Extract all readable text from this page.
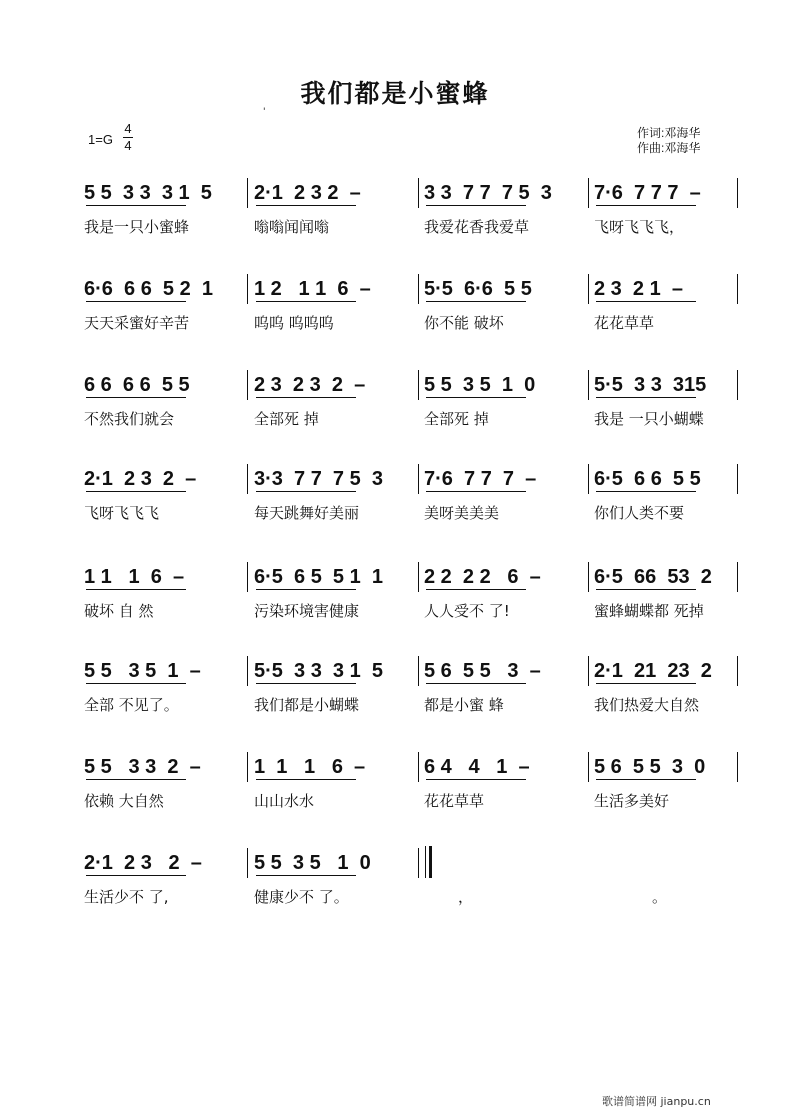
我们都是小蜜蜂
'
1=G
4
4
作词:邓海华
作曲:邓海华
5 5  3 3  3 1  5
我是一只小蜜蜂
2·1  2 3 2  –
嗡嗡闻闻嗡
3 3  7 7  7 5  3
我爱花香我爱草
7·6  7 7 7  –
飞呀飞飞飞，
6·6  6 6  5 2  1
天天采蜜好辛苦
1 2   1 1  6  –
呜呜 呜呜呜
5·5  6·6  5 5
你不能 破坏
2 3  2 1  –
花花草草
6 6  6 6  5 5
不然我们就会
2 3  2 3  2  –
全部死 掉
5 5  3 5  1  0
全部死 掉
5·5  3 3  315
我是 一只小蝴蝶
2·1  2 3  2  –
飞呀飞飞飞
3·3  7 7  7 5  3
每天跳舞好美丽
7·6  7 7  7  –
美呀美美美
6·5  6 6  5 5
你们人类不要
1 1   1  6  –
破坏 自 然
6·5  6 5  5 1  1
污染环境害健康
2 2  2 2   6  –
人人受不 了!
6·5  66  53  2
蜜蜂蝴蝶都 死掉
5 5   3 5  1  –
全部 不见了。
5·5  3 3  3 1  5
我们都是小蝴蝶
5 6  5 5   3  –
都是小蜜 蜂
2·1  21  23  2
我们热爱大自然
5 5   3 3  2  –
依赖 大自然
1  1   1   6  –
山山水水
6 4   4   1  –
花花草草
5 6  5 5  3  0
生活多美好
2·1  2 3   2  –
生活少不 了,
5 5  3 5   1  0
健康少不 了。	，	。
歌谱简谱网 jianpu.cn
